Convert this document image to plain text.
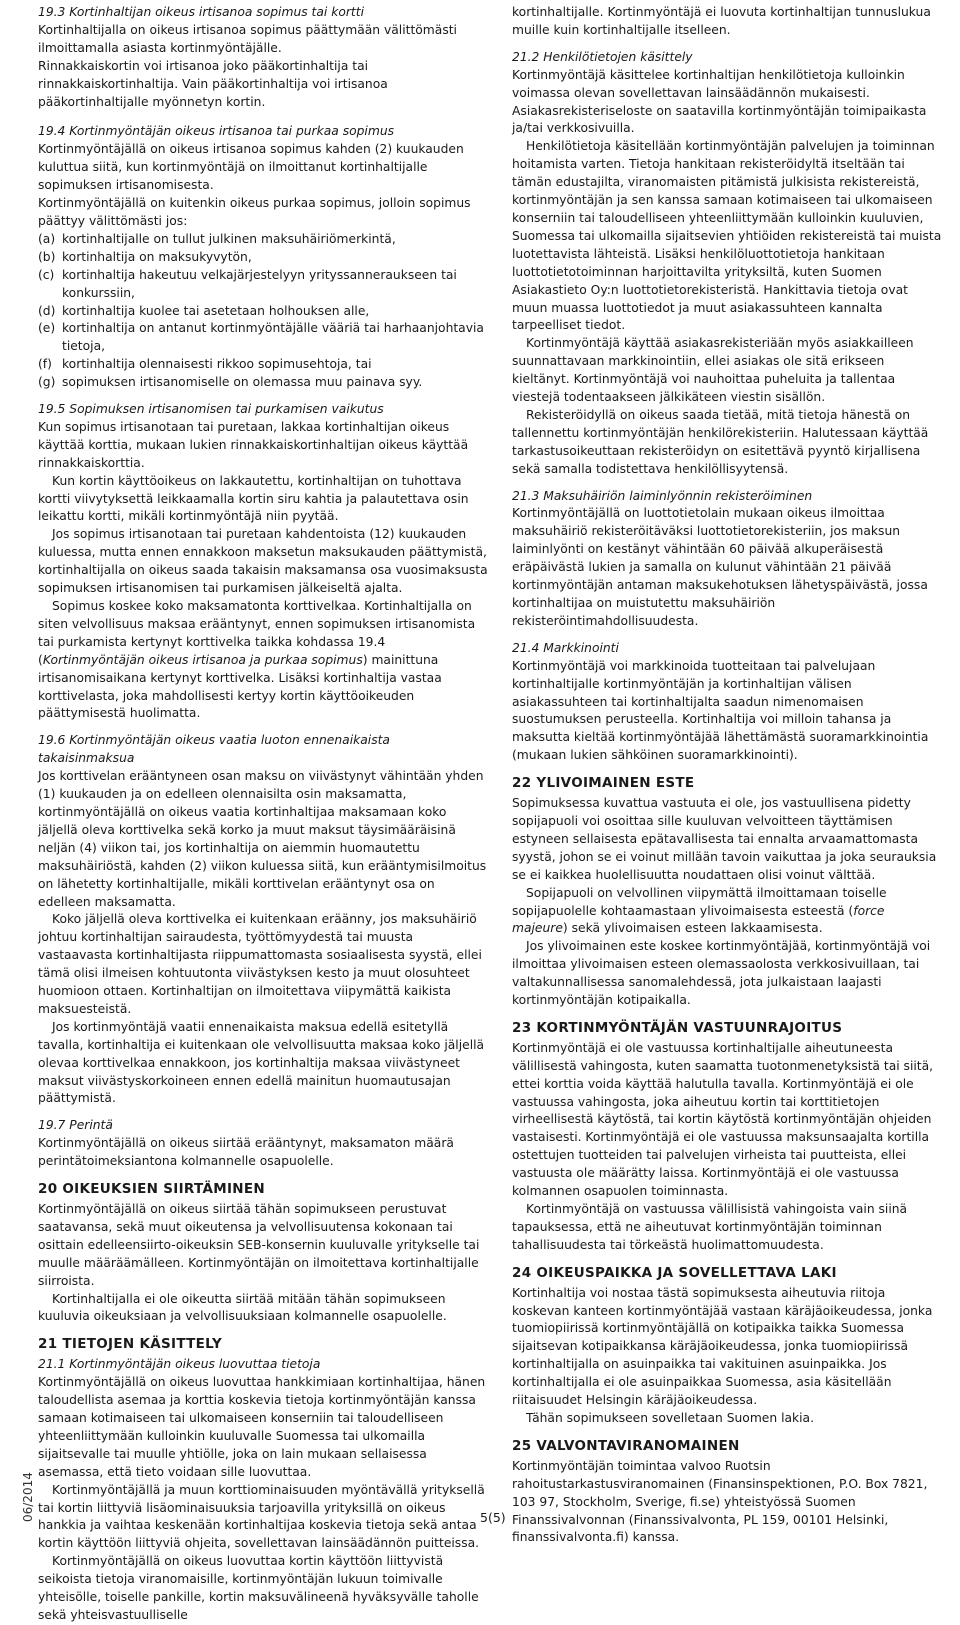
19.3 Kortinhaltijan oikeus irtisanoa sopimus tai kortti

Kortinhaltijalla on oikeus irtisanoa sopimus päättymään välittömästi ilmoittamalla asiasta kortinmyöntäjälle.

Rinnakkaiskortin voi irtisanoa joko pääkortinhaltija tai rinnakkaiskortinhaltija. Vain pääkortinhaltija voi irtisanoa pääkortinhaltijalle myönnetyn kortin.

19.4 Kortinmyöntäjän oikeus irtisanoa tai purkaa sopimus

Kortinmyöntäjällä on oikeus irtisanoa sopimus kahden (2) kuukauden kuluttua siitä, kun kortinmyöntäjä on ilmoittanut kortinhaltijalle sopimuksen irtisanomisesta.

Kortinmyöntäjällä on kuitenkin oikeus purkaa sopimus, jolloin sopimus päättyy välittömästi jos:

(a) kortinhaltijalle on tullut julkinen maksuhäiriömerkintä,

(b) kortinhaltija on maksukyvytön,

(c) kortinhaltija hakeutuu velkajärjestelyyn yrityssanneraukseen tai konkurssiin,

(d) kortinhaltija kuolee tai asetetaan holhouksen alle,

(e) kortinhaltija on antanut kortinmyöntäjälle vääriä tai harhaanjohtavia tietoja,

(f) kortinhaltija olennaisesti rikkoo sopimusehtoja, tai

(g) sopimuksen irtisanomiselle on olemassa muu painava syy.

19.5 Sopimuksen irtisanomisen tai purkamisen vaikutus

Kun sopimus irtisanotaan tai puretaan, lakkaa kortinhaltijan oikeus käyttää korttia, mukaan lukien rinnakkaiskortinhaltijan oikeus käyttää rinnakkaiskorttia.

Kun kortin käyttöoikeus on lakkautettu, kortinhaltijan on tuhottava kortti viivytyksettä leikkaamalla kortin siru kahtia ja palautettava osin leikattu kortti, mikäli kortinmyöntäjä niin pyytää.

Jos sopimus irtisanotaan tai puretaan kahdentoista (12) kuukauden kuluessa, mutta ennen ennakkoon maksetun maksukauden päättymistä, kortinhaltijalla on oikeus saada takaisin maksamansa osa vuosimaksusta sopimuksen irtisanomisen tai purkamisen jälkeiseltä ajalta.

Sopimus koskee koko maksamatonta korttivelkaa. Kortinhaltijalla on siten velvollisuus maksaa erääntynyt, ennen sopimuksen irtisanomista tai purkamista kertynyt korttivelka taikka kohdassa 19.4 (Kortinmyöntäjän oikeus irtisanoa ja purkaa sopimus) mainittuna irtisanomisaikana kertynyt korttivelka. Lisäksi kortinhaltija vastaa korttivelasta, joka mahdollisesti kertyy kortin käyttöoikeuden päättymisestä huolimatta.

19.6 Kortinmyöntäjän oikeus vaatia luoton ennenaikaista takaisinmaksua

Jos korttivelan erääntyneen osan maksu on viivästynyt vähintään yhden (1) kuukauden ja on edelleen olennaisilta osin maksamatta, kortinmyöntäjällä on oikeus vaatia kortinhaltijaa maksamaan koko jäljellä oleva korttivelka sekä korko ja muut maksut täysimääräisinä neljän (4) viikon tai, jos kortinhaltija on aiemmin huomautettu maksuhäiriöstä, kahden (2) viikon kuluessa siitä, kun erääntymisilmoitus on lähetetty kortinhaltijalle, mikäli korttivelan erääntynyt osa on edelleen maksamatta.

Koko jäljellä oleva korttivelka ei kuitenkaan eräänny, jos maksuhäiriö johtuu kortinhaltijan sairaudesta, työttömyydestä tai muusta vastaavasta kortinhaltijasta riippumattomasta sosiaalisesta syystä, ellei tämä olisi ilmeisen kohtuutonta viivästyksen kesto ja muut olosuhteet huomioon ottaen. Kortinhaltijan on ilmoitettava viipymättä kaikista maksuesteistä.

Jos kortinmyöntäjä vaatii ennenaikaista maksua edellä esitetyllä tavalla, kortinhaltija ei kuitenkaan ole velvollisuutta maksaa koko jäljellä olevaa korttivelkaa ennakkoon, jos kortinhaltija maksaa viivästyneet maksut viivästyskorkoineen ennen edellä mainitun huomautusajan päättymistä.

19.7 Perintä

Kortinmyöntäjällä on oikeus siirtää erääntynyt, maksamaton määrä perintätoimeksiantona kolmannelle osapuolelle.

20 OIKEUKSIEN SIIRTÄMINEN

Kortinmyöntäjällä on oikeus siirtää tähän sopimukseen perustuvat saatavansa, sekä muut oikeutensa ja velvollisuutensa kokonaan tai osittain edelleensiirto-oikeuksin SEB-konsernin kuuluvalle yritykselle tai muulle määräämälleen. Kortinmyöntäjän on ilmoitettava kortinhaltijalle siirroista.

Kortinhaltijalla ei ole oikeutta siirtää mitään tähän sopimukseen kuuluvia oikeuksiaan ja velvollisuuksiaan kolmannelle osapuolelle.

21 TIETOJEN KÄSITTELY

21.1 Kortinmyöntäjän oikeus luovuttaa tietoja

Kortinmyöntäjällä on oikeus luovuttaa hankkimiaan kortinhaltijaa, hänen taloudellista asemaa ja korttia koskevia tietoja kortinmyöntäjän kanssa samaan kotimaiseen tai ulkomaiseen konserniin tai taloudelliseen yhteenliittymään kulloinkin kuuluvalle Suomessa tai ulkomailla sijaitsevalle tai muulle yhtiölle, joka on lain mukaan sellaisessa asemassa, että tieto voidaan sille luovuttaa.

Kortinmyöntäjällä ja muun korttiominaisuuden myöntävällä yrityksellä tai kortin liittyviä lisäominaisuuksia tarjoavilla yrityksillä on oikeus hankkia ja vaihtaa keskenään kortinhaltijaa koskevia tietoja sekä antaa kortin käyttöön liittyviä ohjeita, sovellettavan lainsäädännön puitteissa.

Kortinmyöntäjällä on oikeus luovuttaa kortin käyttöön liittyvistä seikoista tietoja viranomaisille, kortinmyöntäjän lukuun toimivalle yhteisölle, toiselle pankille, kortin maksuvälineenä hyväksyvälle taholle sekä yhteisvastuulliselle

kortinhaltijalle. Kortinmyöntäjä ei luovuta kortinhaltijan tunnuslukua muille kuin kortinhaltijalle itselleen.

21.2 Henkilötietojen käsittely

Kortinmyöntäjä käsittelee kortinhaltijan henkilötietoja kulloinkin voimassa olevan sovellettavan lainsäädännön mukaisesti. Asiakasrekisteriseloste on saatavilla kortinmyöntäjän toimipaikasta ja/tai verkkosivuilla.

Henkilötietoja käsitellään kortinmyöntäjän palvelujen ja toiminnan hoitamista varten. Tietoja hankitaan rekisteröidyltä itseltään tai tämän edustajilta, viranomaisten pitämistä julkisista rekistereistä, kortinmyöntäjän ja sen kanssa samaan kotimaiseen tai ulkomaiseen konserniin tai taloudelliseen yhteenliittymään kulloinkin kuuluvien, Suomessa tai ulkomailla sijaitsevien yhtiöiden rekistereistä tai muista luotettavista lähteistä. Lisäksi henkilöluottotietoja hankitaan luottotietotoiminnan harjoittavilta yrityksiltä, kuten Suomen Asiakastieto Oy:n luottotietorekisteristä. Hankittavia tietoja ovat muun muassa luottotiedot ja muut asiakassuhteen kannalta tarpeelliset tiedot.

Kortinmyöntäjä käyttää asiakasrekisteriään myös asiakkailleen suunnattavaan markkinointiin, ellei asiakas ole sitä erikseen kieltänyt. Kortinmyöntäjä voi nauhoittaa puheluita ja tallentaa viestejä todentaakseen jälkikäteen viestin sisällön.

Rekisteröidyllä on oikeus saada tietää, mitä tietoja hänestä on tallennettu kortinmyöntäjän henkilörekisteriin. Halutessaan käyttää tarkastusoikeuttaan rekisteröidyn on esitettävä pyyntö kirjallisena sekä samalla todistettava henkilöllisyytensä.

21.3 Maksuhäiriön laiminlyönnin rekisteröiminen

Kortinmyöntäjällä on luottotietolain mukaan oikeus ilmoittaa maksuhäiriö rekisteröitäväksi luottotietorekisteriin, jos maksun laiminlyönti on kestänyt vähintään 60 päivää alkuperäisestä eräpäivästä lukien ja samalla on kulunut vähintään 21 päivää kortinmyöntäjän antaman maksukehotuksen lähetyspäivästä, jossa kortinhaltijaa on muistutettu maksuhäiriön rekisteröintimahdollisuudesta.

21.4 Markkinointi

Kortinmyöntäjä voi markkinoida tuotteitaan tai palvelujaan kortinhaltijalle kortinmyöntäjän ja kortinhaltijan välisen asiakassuhteen tai kortinhaltijalta saadun nimenomaisen suostumuksen perusteella. Kortinhaltija voi milloin tahansa ja maksutta kieltää kortinmyöntäjää lähettämästä suoramarkkinointia (mukaan lukien sähköinen suoramarkkinointi).

22 YLIVOIMAINEN ESTE

Sopimuksessa kuvattua vastuuta ei ole, jos vastuullisena pidetty sopijapuoli voi osoittaa sille kuuluvan velvoitteen täyttämisen estyneen sellaisesta epätavallisesta tai ennalta arvaamattomasta syystä, johon se ei voinut millään tavoin vaikuttaa ja joka seurauksia se ei kaikkea huolellisuutta noudattaen olisi voinut välttää.

Sopijapuoli on velvollinen viipymättä ilmoittamaan toiselle sopijapuolelle kohtaamastaan ylivoimaisesta esteestä (force majeure) sekä ylivoimaisen esteen lakkaamisesta.

Jos ylivoimainen este koskee kortinmyöntäjää, kortinmyöntäjä voi ilmoittaa ylivoimaisen esteen olemassaolosta verkkosivuillaan, tai valtakunnallisessa sanomalehdessä, jota julkaistaan laajasti kortinmyöntäjän kotipaikalla.

23 KORTINMYÖNTÄJÄN VASTUUNRAJOITUS

Kortinmyöntäjä ei ole vastuussa kortinhaltijalle aiheutuneesta välillisestä vahingosta, kuten saamatta tuotonmenetyksistä tai siitä, ettei korttia voida käyttää halutulla tavalla. Kortinmyöntäjä ei ole vastuussa vahingosta, joka aiheutuu kortin tai korttitietojen virheellisestä käytöstä, tai kortin käytöstä kortinmyöntäjän ohjeiden vastaisesti. Kortinmyöntäjä ei ole vastuussa maksunsaajalta kortilla ostettujen tuotteiden tai palvelujen virheista tai puutteista, ellei vastuusta ole määrätty laissa. Kortinmyöntäjä ei ole vastuussa kolmannen osapuolen toiminnasta.

Kortinmyöntäjä on vastuussa välillisistä vahingoista vain siinä tapauksessa, että ne aiheutuvat kortinmyöntäjän toiminnan tahallisuudesta tai törkeästä huolimattomuudesta.

24 OIKEUSPAIKKA JA SOVELLETTAVA LAKI

Kortinhaltija voi nostaa tästä sopimuksesta aiheutuvia riitoja koskevan kanteen kortinmyöntäjää vastaan käräjäoikeudessa, jonka tuomiopiirissä kortinmyöntäjällä on kotipaikka taikka Suomessa sijaitsevan kotipaikkansa käräjäoikeudessa, jonka tuomiopiirissä kortinhaltijalla on asuinpaikka tai vakituinen asuinpaikka. Jos kortinhaltijalla ei ole asuinpaikkaa Suomessa, asia käsitellään riitaisuudet Helsingin käräjäoikeudessa.

Tähän sopimukseen sovelletaan Suomen lakia.

25 VALVONTAVIRANOMAINEN

Kortinmyöntäjän toimintaa valvoo Ruotsin rahoitustarkastusviranomainen (Finansinspektionen, P.O. Box 7821, 103 97, Stockholm, Sverige, fi.se) yhteistyössä Suomen Finanssivalvonnan (Finanssivalvonta, PL 159, 00101 Helsinki, finanssivalvonta.fi) kanssa.

06/2014	5(5)
